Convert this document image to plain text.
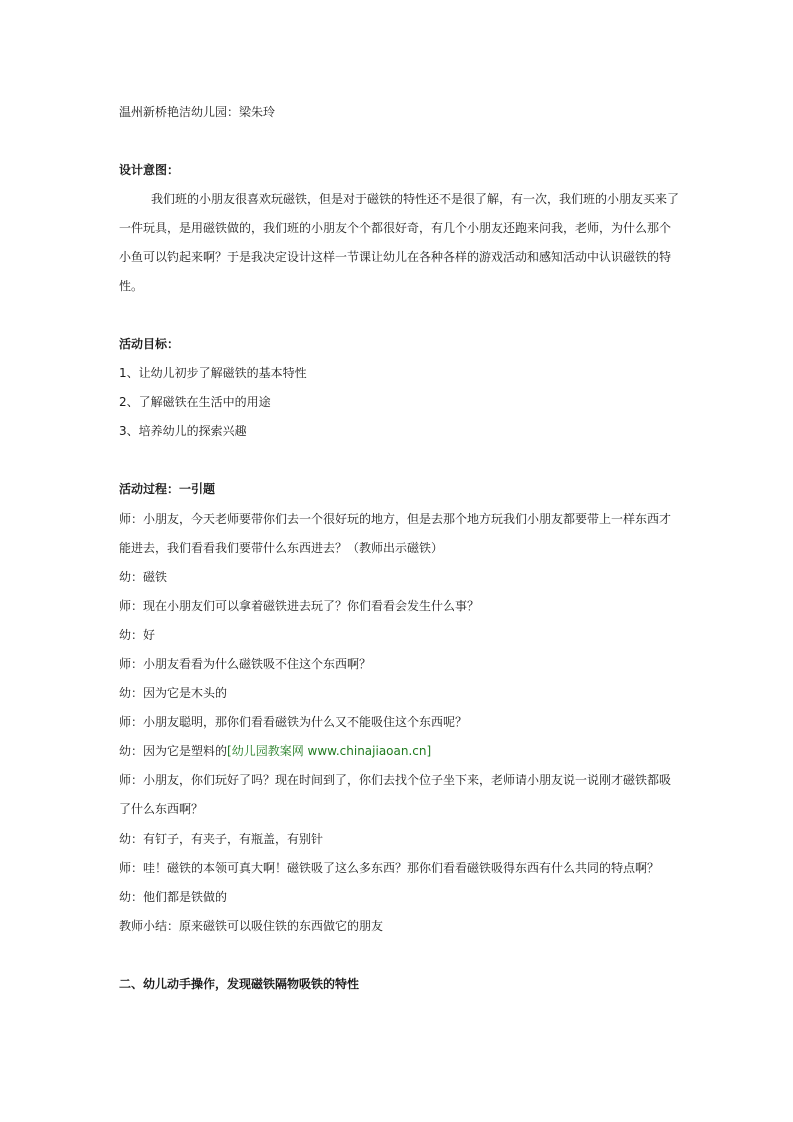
温州新桥艳洁幼儿园：梁朱玲
设计意图：
我们班的小朋友很喜欢玩磁铁，但是对于磁铁的特性还不是很了解，有一次，我们班的小朋友买来了
一件玩具，是用磁铁做的，我们班的小朋友个个都很好奇，有几个小朋友还跑来问我，老师，为什么那个
小鱼可以钓起来啊？于是我决定设计这样一节课让幼儿在各种各样的游戏活动和感知活动中认识磁铁的特
性。
活动目标：
1、让幼儿初步了解磁铁的基本特性
2、了解磁铁在生活中的用途
3、培养幼儿的探索兴趣
活动过程：一引题
师：小朋友，今天老师要带你们去一个很好玩的地方，但是去那个地方玩我们小朋友都要带上一样东西才
能进去，我们看看我们要带什么东西进去？（教师出示磁铁）
幼：磁铁
师：现在小朋友们可以拿着磁铁进去玩了？你们看看会发生什么事？
幼：好
师：小朋友看看为什么磁铁吸不住这个东西啊？
幼：因为它是木头的
师：小朋友聪明，那你们看看磁铁为什么又不能吸住这个东西呢？
幼：因为它是塑料的[幼儿园教案网 www.chinajiaoan.cn]
师：小朋友，你们玩好了吗？现在时间到了，你们去找个位子坐下来，老师请小朋友说一说刚才磁铁都吸
了什么东西啊？
幼：有钉子，有夹子，有瓶盖，有别针
师：哇！磁铁的本领可真大啊！磁铁吸了这么多东西？那你们看看磁铁吸得东西有什么共同的特点啊？
幼：他们都是铁做的
教师小结：原来磁铁可以吸住铁的东西做它的朋友
二、幼儿动手操作，发现磁铁隔物吸铁的特性
